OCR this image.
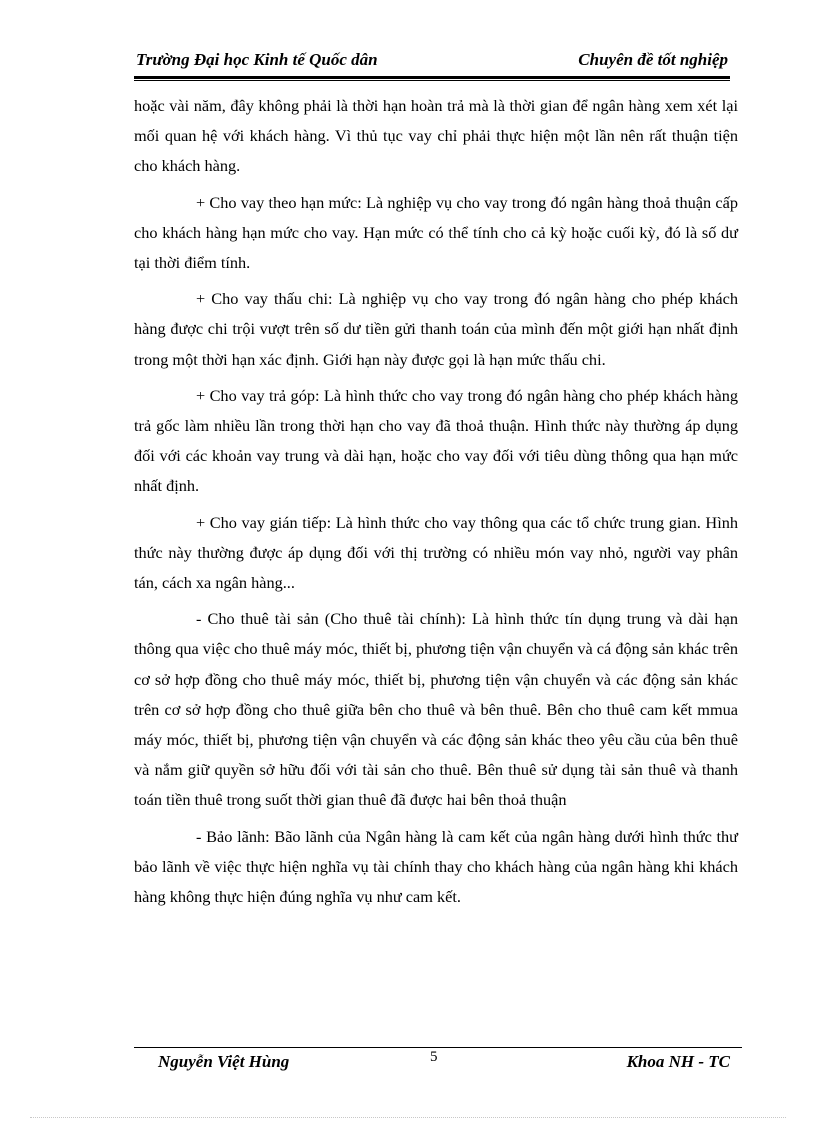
Trường Đại học Kinh tế Quốc dân	Chuyên đề tốt nghiệp

hoặc vài năm, đây không phải là thời hạn hoàn trả mà là thời gian để ngân hàng xem xét lại mối quan hệ với khách hàng. Vì thủ tục vay chỉ phải thực hiện một lần nên rất thuận tiện cho khách hàng.

+ Cho vay theo hạn mức: Là nghiệp vụ cho vay trong đó ngân hàng thoả thuận cấp cho khách hàng hạn mức cho vay. Hạn mức có thể tính cho cả kỳ hoặc cuối kỳ, đó là số dư tại thời điểm tính.

+ Cho vay thấu chi: Là nghiệp vụ cho vay trong đó ngân hàng cho phép khách hàng được chi trội vượt trên số dư tiền gửi thanh toán của mình đến một giới hạn nhất định trong một thời hạn xác định. Giới hạn này được gọi là hạn mức thấu chi.

+ Cho vay trả góp: Là hình thức cho vay trong đó ngân hàng cho phép khách hàng trả gốc làm nhiều lần trong thời hạn cho vay đã thoả thuận. Hình thức này thường áp dụng đối với các khoản vay trung và dài hạn, hoặc cho vay đối với tiêu dùng thông qua hạn mức nhất định.

+ Cho vay gián tiếp: Là hình thức cho vay thông qua các tổ chức trung gian. Hình thức này thường được áp dụng đối với thị trường có nhiều món vay nhỏ, người vay phân tán, cách xa ngân hàng...

- Cho thuê tài sản (Cho thuê tài chính): Là hình thức tín dụng trung và dài hạn thông qua việc cho thuê máy móc, thiết bị, phương tiện vận chuyển và cá động sản khác trên cơ sở hợp đồng cho thuê máy móc, thiết bị, phương tiện vận chuyển và các động sản khác trên cơ sở hợp đồng cho thuê giữa bên cho thuê và bên thuê. Bên cho thuê cam kết mmua máy móc, thiết bị, phương tiện vận chuyển và các động sản khác theo yêu cầu của bên thuê và nắm giữ quyền sở hữu đối với tài sản cho thuê. Bên thuê sử dụng tài sản thuê và thanh toán tiền thuê trong suốt thời gian thuê đã được hai bên thoả thuận

- Bảo lãnh: Bão lãnh của Ngân hàng là cam kết của ngân hàng dưới hình thức thư bảo lãnh về việc thực hiện nghĩa vụ tài chính thay cho khách hàng của ngân hàng khi khách hàng không thực hiện đúng nghĩa vụ như cam kết.

Nguyễn Việt Hùng	5	Khoa NH - TC
